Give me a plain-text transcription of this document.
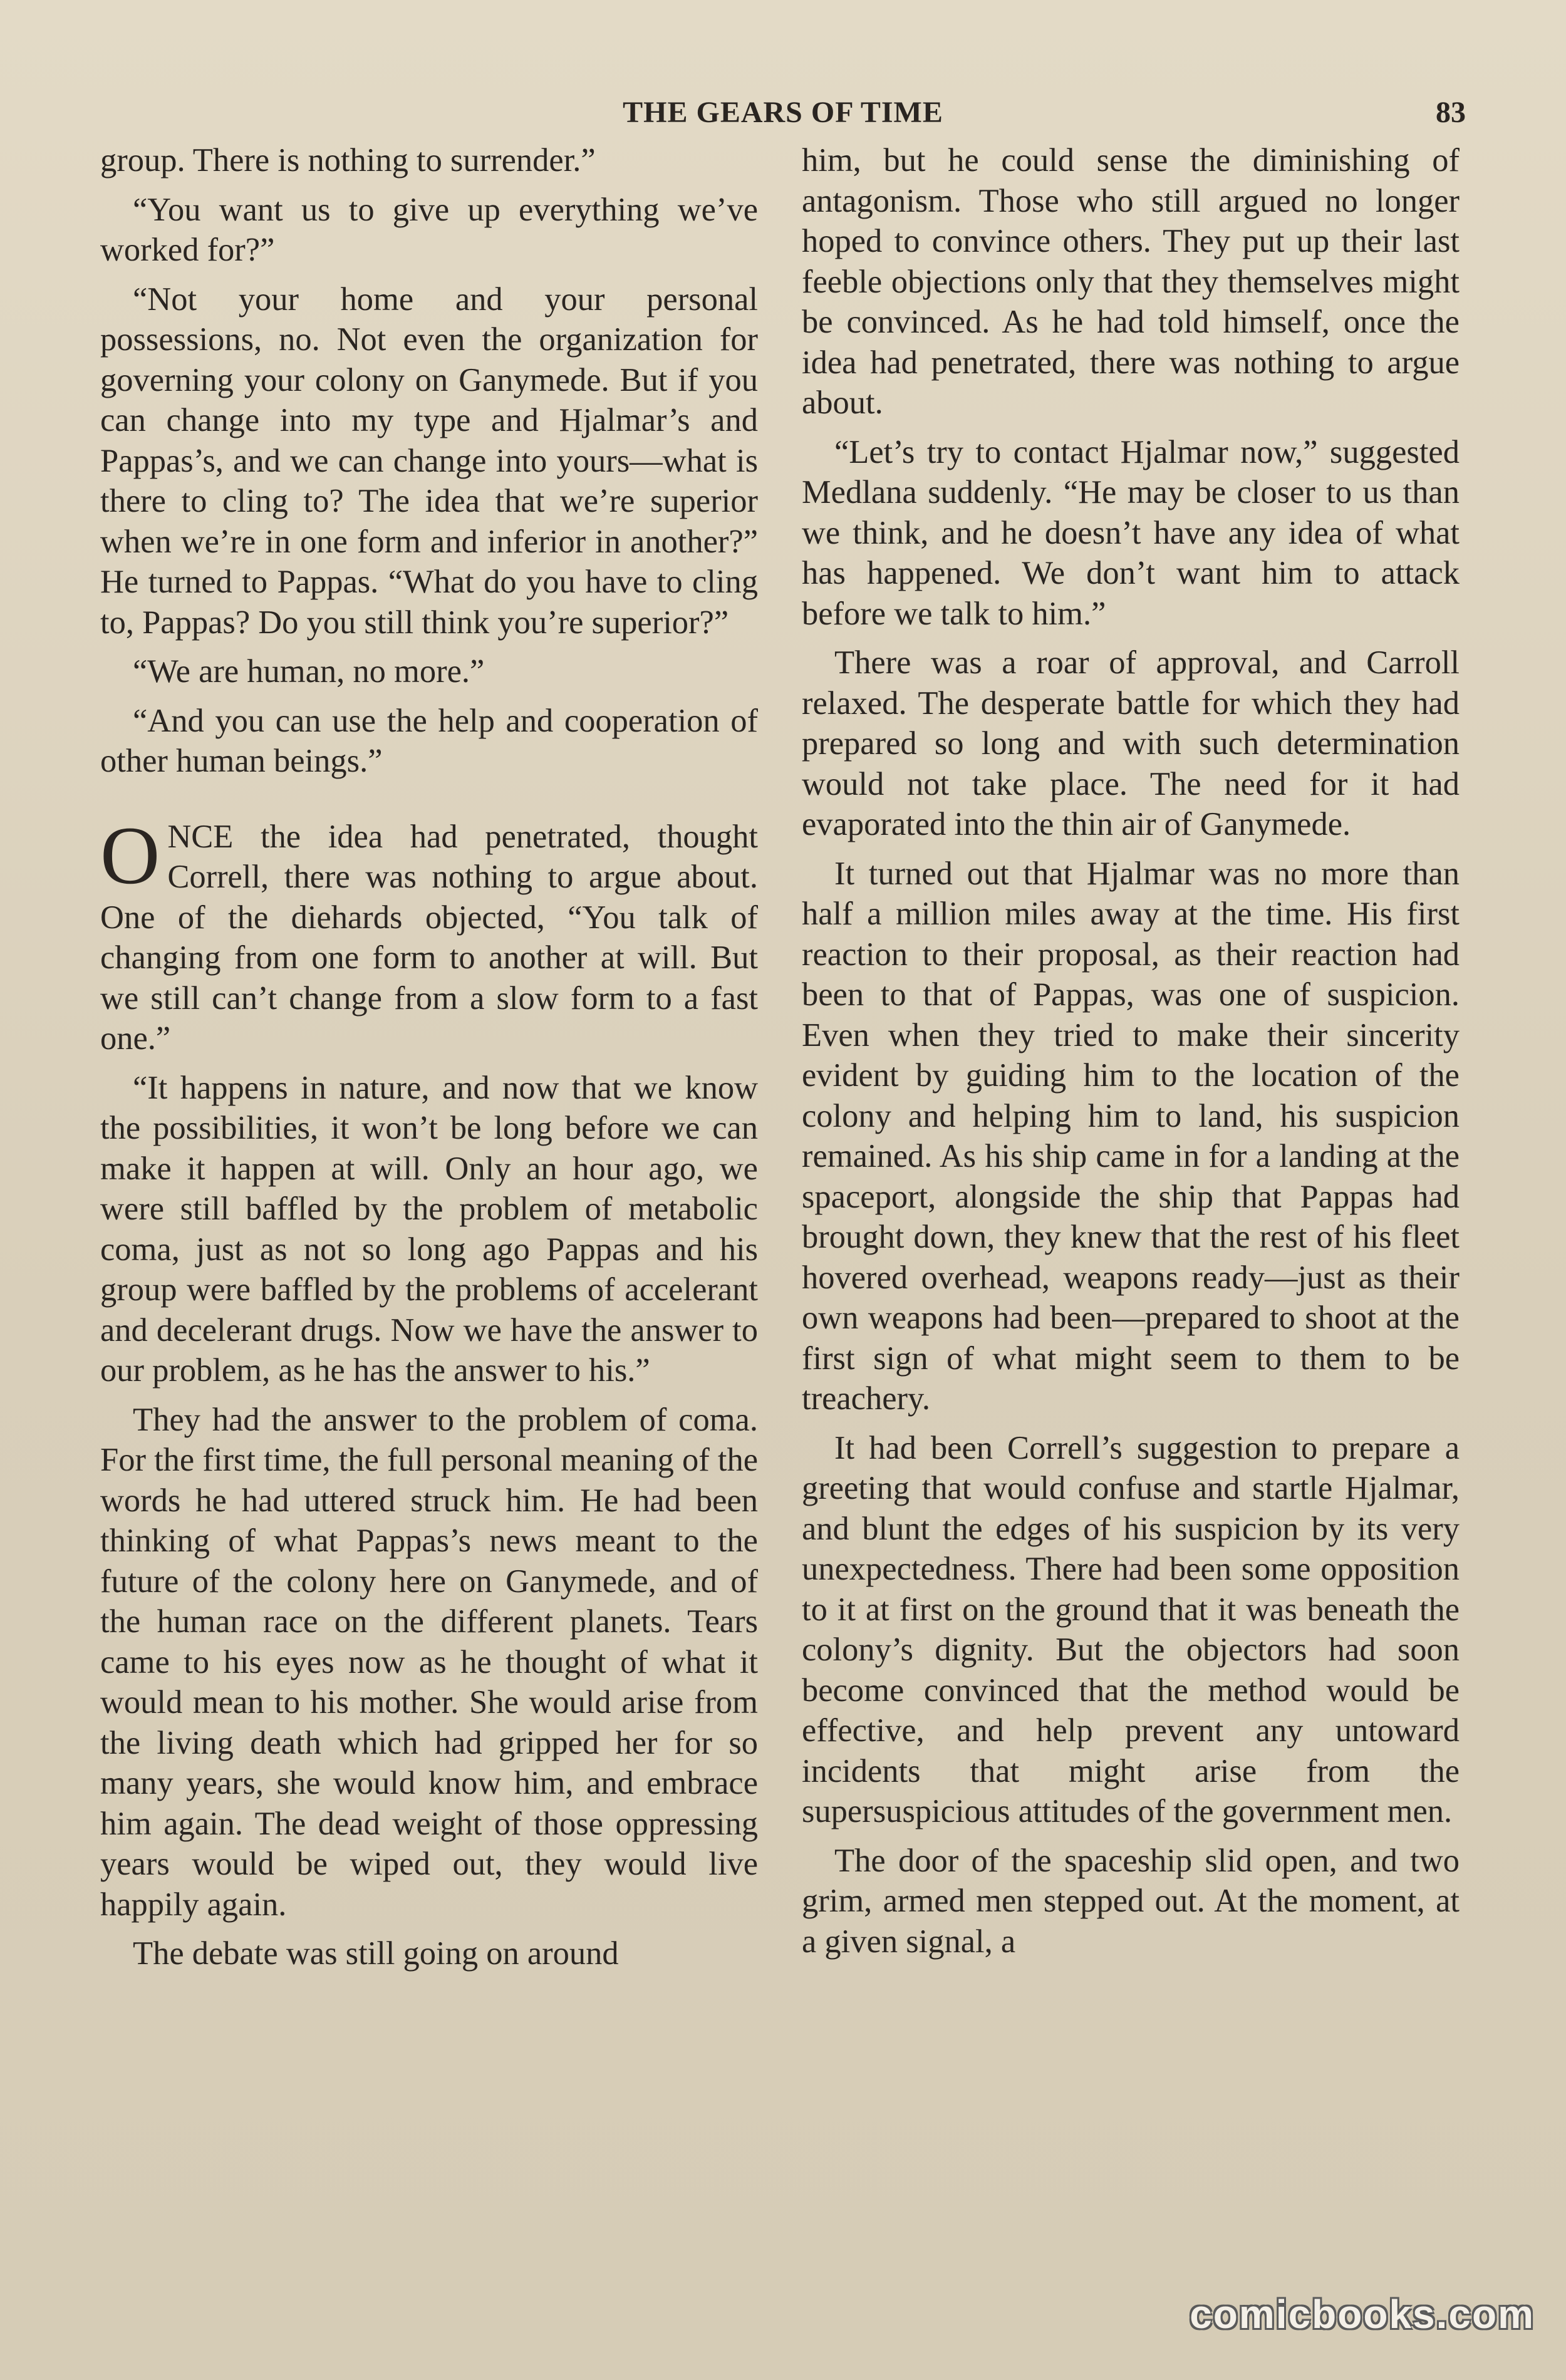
THE GEARS OF TIME	83

group. There is nothing to surrender.”

“You want us to give up everything we’ve worked for?”

“Not your home and your personal possessions, no. Not even the organization for governing your colony on Ganymede. But if you can change into my type and Hjalmar’s and Pappas’s, and we can change into yours—what is there to cling to? The idea that we’re superior when we’re in one form and inferior in another?” He turned to Pappas. “What do you have to cling to, Pappas? Do you still think you’re superior?”

“We are human, no more.”

“And you can use the help and cooperation of other human beings.”

ONCE the idea had penetrated, thought Correll, there was nothing to argue about. One of the diehards objected, “You talk of changing from one form to another at will. But we still can’t change from a slow form to a fast one.”

“It happens in nature, and now that we know the possibilities, it won’t be long before we can make it happen at will. Only an hour ago, we were still baffled by the problem of metabolic coma, just as not so long ago Pappas and his group were baffled by the problems of accelerant and decelerant drugs. Now we have the answer to our problem, as he has the answer to his.”

They had the answer to the problem of coma. For the first time, the full personal meaning of the words he had uttered struck him. He had been thinking of what Pappas’s news meant to the future of the colony here on Ganymede, and of the human race on the different planets. Tears came to his eyes now as he thought of what it would mean to his mother. She would arise from the living death which had gripped her for so many years, she would know him, and embrace him again. The dead weight of those oppressing years would be wiped out, they would live happily again.

The debate was still going on around

him, but he could sense the diminishing of antagonism. Those who still argued no longer hoped to convince others. They put up their last feeble objections only that they themselves might be convinced. As he had told himself, once the idea had penetrated, there was nothing to argue about.

“Let’s try to contact Hjalmar now,” suggested Medlana suddenly. “He may be closer to us than we think, and he doesn’t have any idea of what has happened. We don’t want him to attack before we talk to him.”

There was a roar of approval, and Carroll relaxed. The desperate battle for which they had prepared so long and with such determination would not take place. The need for it had evaporated into the thin air of Ganymede.

It turned out that Hjalmar was no more than half a million miles away at the time. His first reaction to their proposal, as their reaction had been to that of Pappas, was one of suspicion. Even when they tried to make their sincerity evident by guiding him to the location of the colony and helping him to land, his suspicion remained. As his ship came in for a landing at the spaceport, alongside the ship that Pappas had brought down, they knew that the rest of his fleet hovered overhead, weapons ready—just as their own weapons had been—prepared to shoot at the first sign of what might seem to them to be treachery.

It had been Correll’s suggestion to prepare a greeting that would confuse and startle Hjalmar, and blunt the edges of his suspicion by its very unexpectedness. There had been some opposition to it at first on the ground that it was beneath the colony’s dignity. But the objectors had soon become convinced that the method would be effective, and help prevent any untoward incidents that might arise from the supersuspicious attitudes of the government men.

The door of the spaceship slid open, and two grim, armed men stepped out. At the moment, at a given signal, a

comicbooks.com
